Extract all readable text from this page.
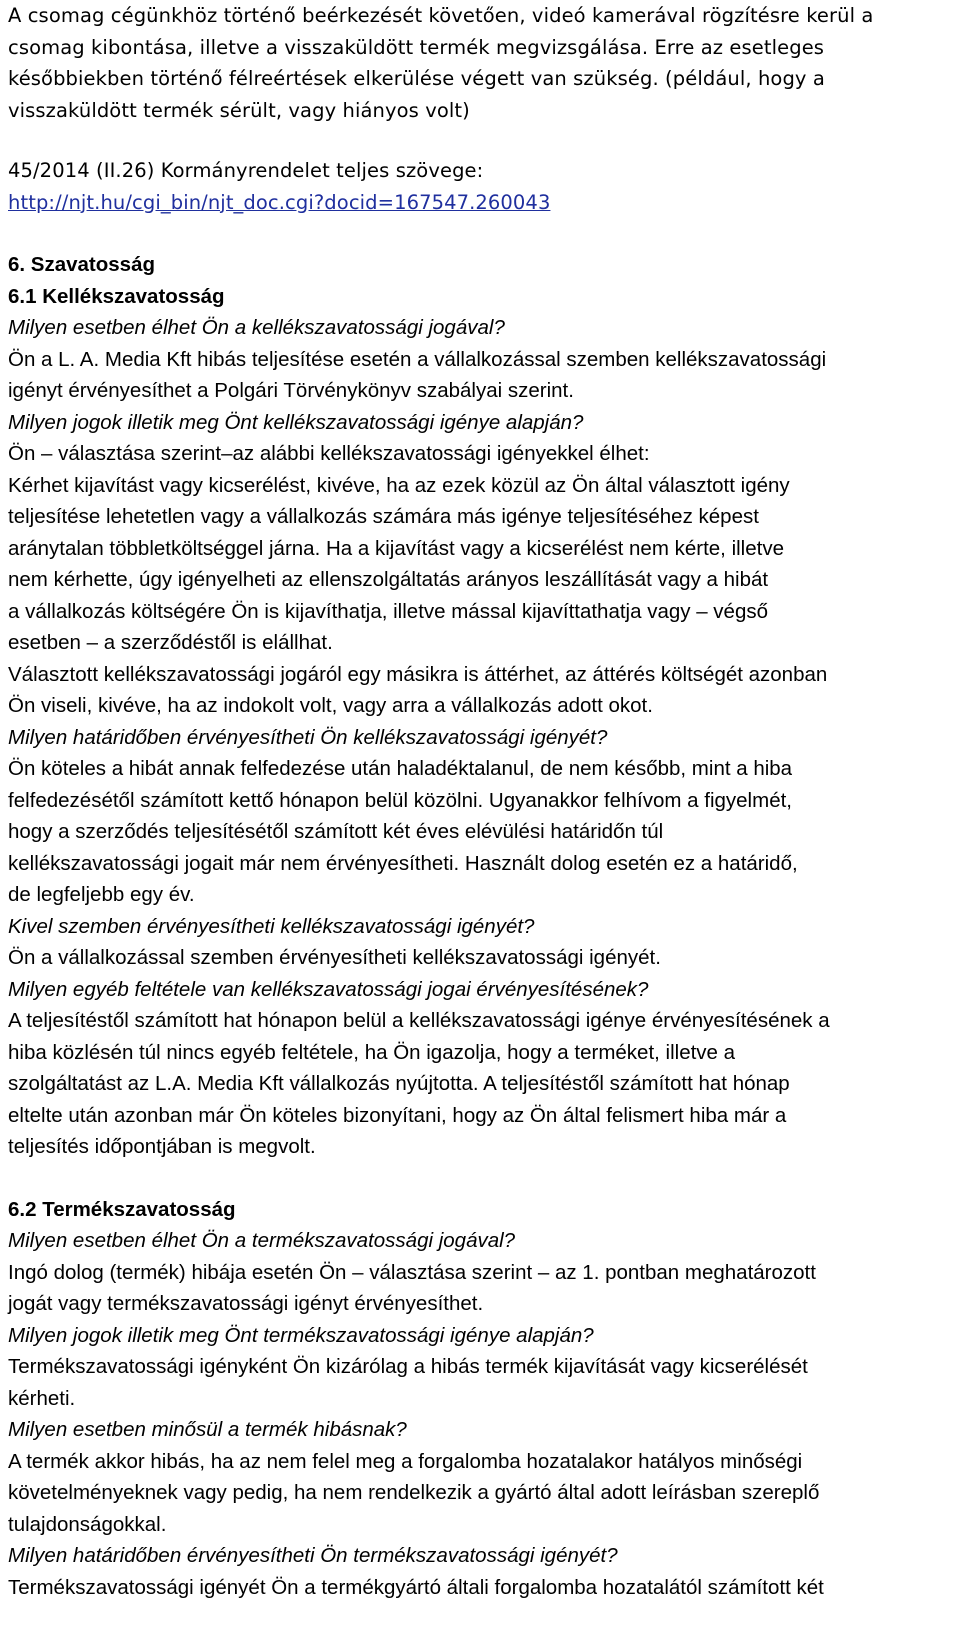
A csomag cégünkhöz történő beérkezését követően, videó kamerával rögzítésre kerül a
csomag kibontása, illetve a visszaküldött termék megvizsgálása. Erre az esetleges
későbbiekben történő félreértések elkerülése végett van szükség. (például, hogy a
visszaküldött termék sérült, vagy hiányos volt)
45/2014 (II.26) Kormányrendelet teljes szövege:
http://njt.hu/cgi_bin/njt_doc.cgi?docid=167547.260043
6. Szavatosság
6.1 Kellékszavatosság
Milyen esetben élhet Ön a kellékszavatossági jogával?
Ön a L. A. Media Kft hibás teljesítése esetén a vállalkozással szemben kellékszavatossági
igényt érvényesíthet a Polgári Törvénykönyv szabályai szerint.
Milyen jogok illetik meg Önt kellékszavatossági igénye alapján?
Ön – választása szerint–az alábbi kellékszavatossági igényekkel élhet:
Kérhet kijavítást vagy kicserélést, kivéve, ha az ezek közül az Ön által választott igény
teljesítése lehetetlen vagy a vállalkozás számára más igénye teljesítéséhez képest
aránytalan többletköltséggel járna. Ha a kijavítást vagy a kicserélést nem kérte, illetve
nem kérhette, úgy igényelheti az ellenszolgáltatás arányos leszállítását vagy a hibát
a vállalkozás költségére Ön is kijavíthatja, illetve mással kijavíttathatja vagy – végső
esetben – a szerződéstől is elállhat.
Választott kellékszavatossági jogáról egy másikra is áttérhet, az áttérés költségét azonban
Ön viseli, kivéve, ha az indokolt volt, vagy arra a vállalkozás adott okot.
Milyen határidőben érvényesítheti Ön kellékszavatossági igényét?
Ön köteles a hibát annak felfedezése után haladéktalanul, de nem később, mint a hiba
felfedezésétől számított kettő hónapon belül közölni. Ugyanakkor felhívom a figyelmét,
hogy a szerződés teljesítésétől számított két éves elévülési határidőn túl
kellékszavatossági jogait már nem érvényesítheti. Használt dolog esetén ez a határidő,
de legfeljebb egy év.
Kivel szemben érvényesítheti kellékszavatossági igényét?
Ön a vállalkozással szemben érvényesítheti kellékszavatossági igényét.
Milyen egyéb feltétele van kellékszavatossági jogai érvényesítésének?
A teljesítéstől számított hat hónapon belül a kellékszavatossági igénye érvényesítésének a
hiba közlésén túl nincs egyéb feltétele, ha Ön igazolja, hogy a terméket, illetve a
szolgáltatást az L.A. Media Kft vállalkozás nyújtotta. A teljesítéstől számított hat hónap
eltelte után azonban már Ön köteles bizonyítani, hogy az Ön által felismert hiba már a
teljesítés időpontjában is megvolt.
6.2 Termékszavatosság
Milyen esetben élhet Ön a termékszavatossági jogával?
Ingó dolog (termék) hibája esetén Ön – választása szerint – az 1. pontban meghatározott
jogát vagy termékszavatossági igényt érvényesíthet.
Milyen jogok illetik meg Önt termékszavatossági igénye alapján?
Termékszavatossági igényként Ön kizárólag a hibás termék kijavítását vagy kicserélését
kérheti.
Milyen esetben minősül a termék hibásnak?
A termék akkor hibás, ha az nem felel meg a forgalomba hozatalakor hatályos minőségi
követelményeknek vagy pedig, ha nem rendelkezik a gyártó által adott leírásban szereplő
tulajdonságokkal.
Milyen határidőben érvényesítheti Ön termékszavatossági igényét?
Termékszavatossági igényét Ön a termékgyártó általi forgalomba hozatalától számított két
